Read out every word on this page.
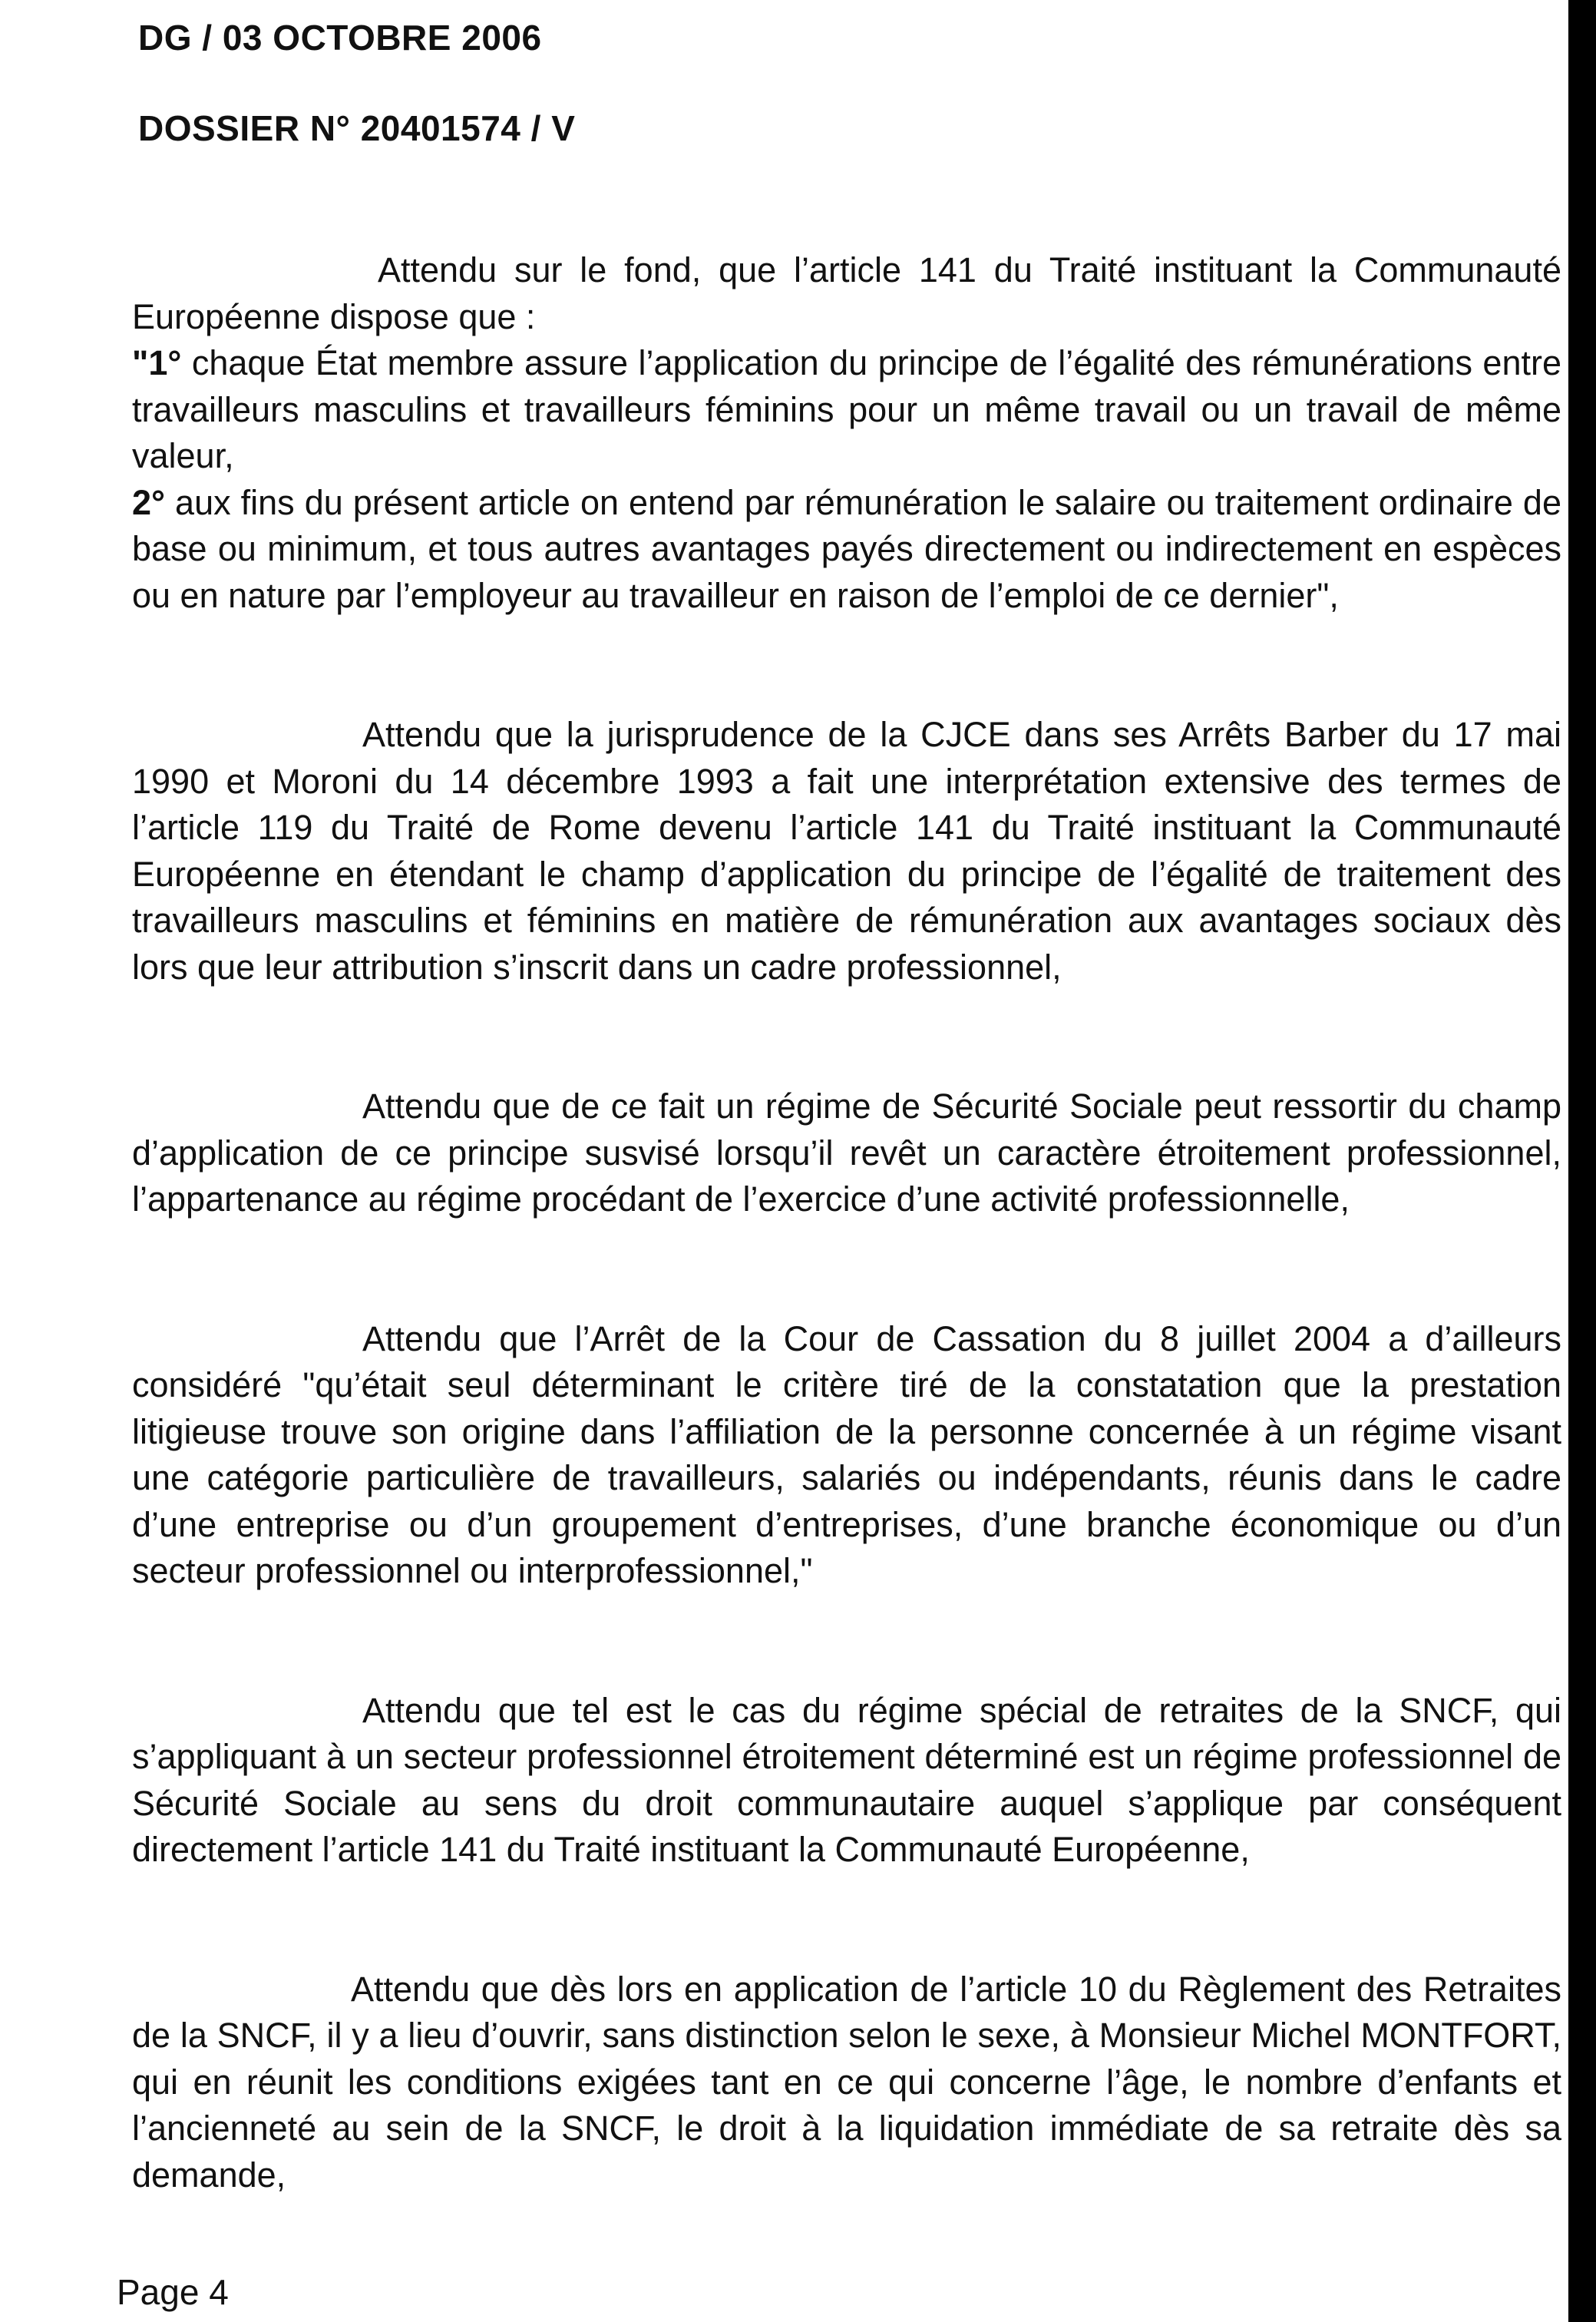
DG / 03 OCTOBRE 2006
DOSSIER N° 20401574 / V
Attendu sur le fond, que l’article 141 du Traité instituant la Communauté Européenne dispose que :
"1° chaque État membre assure l’application du principe de l’égalité des rémunérations entre travailleurs masculins et travailleurs féminins pour un même travail ou un travail de même valeur,
2° aux fins du présent article on entend par rémunération le salaire ou traitement ordinaire de base ou minimum, et tous autres avantages payés directement ou indirectement en espèces ou en nature par l’employeur au travailleur en raison de l’emploi de ce dernier",
Attendu que la jurisprudence de la CJCE dans ses Arrêts Barber du 17 mai 1990 et Moroni du 14 décembre 1993 a fait une interprétation extensive des termes de l’article 119 du Traité de Rome devenu l’article 141 du Traité instituant la Communauté Européenne en étendant le champ d’application du principe de l’égalité de traitement des travailleurs masculins et féminins en matière de rémunération aux avantages sociaux dès lors que leur attribution s’inscrit dans un cadre professionnel,
Attendu que de ce fait un régime de Sécurité Sociale peut ressortir du champ d’application de ce principe susvisé lorsqu’il revêt un caractère étroitement professionnel, l’appartenance au régime procédant de l’exercice d’une activité professionnelle,
Attendu que l’Arrêt de la Cour de Cassation du 8 juillet 2004 a d’ailleurs considéré "qu’était seul déterminant le critère tiré de la constatation que la prestation litigieuse trouve son origine dans l’affiliation de la personne concernée à un régime visant une catégorie particulière de travailleurs, salariés ou indépendants, réunis dans le cadre d’une entreprise ou d’un groupement d’entreprises, d’une branche économique ou d’un secteur professionnel ou interprofessionnel,"
Attendu que tel est le cas du régime spécial de retraites de la SNCF, qui s’appliquant à un secteur professionnel étroitement déterminé est un régime professionnel de Sécurité Sociale au sens du droit communautaire auquel s’applique par conséquent directement l’article 141 du Traité instituant la Communauté Européenne,
Attendu que dès lors en application de l’article 10 du Règlement des Retraites de la SNCF, il y a lieu d’ouvrir, sans distinction selon le sexe, à Monsieur Michel MONTFORT, qui en réunit les conditions exigées tant en ce qui concerne l’âge, le nombre d’enfants et l’ancienneté au sein de la SNCF, le droit à la liquidation immédiate de sa retraite dès sa demande,
Page 4
